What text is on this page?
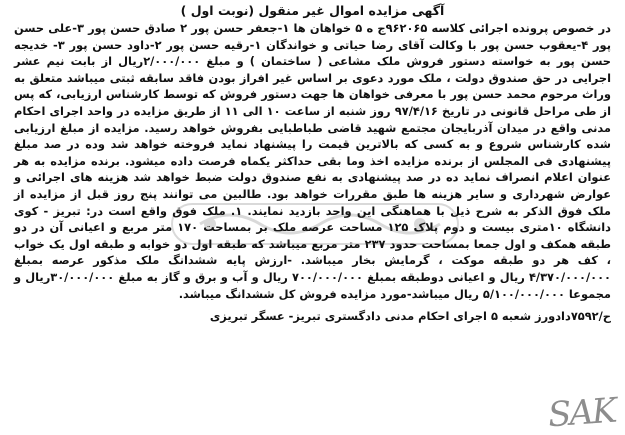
آگهی مزایده اموال غیر منقول (نوبت اول )

در خصوص پرونده اجرائی کلاسه ۹۶۲۰۶۵ج ه ۵ خواهان ها ۱-جعفر حسن پور ۲ صادق حسن پور ۳-علی حسن پور ۴-یعقوب حسن پور با وکالت آقای رضا حیاتی و خواندگان ۱-رقیه حسن پور ۲-داود حسن پور ۳- خدیجه حسن پور به خواسته دستور فروش ملک مشاعی ( ساختمان ) و مبلغ ۲/۰۰۰/۰۰۰ریال از بابت نیم عشر اجرایی در حق صندوق دولت ، ملک مورد دعوی بر اساس غیر افراز بودن فاقد سابقه ثبتی میباشد متعلق به وراث مرحوم محمد حسن پور با معرفی خواهان ها جهت دستور فروش که توسط کارشناس ارزیابی، که پس از طی مراحل قانونی در تاریخ ۹۷/۴/۱۶ روز شنبه از ساعت ۱۰ الی ۱۱ از طریق مزایده در واحد اجرای احکام مدنی واقع در میدان آذربایجان مجتمع شهید قاضی طباطبایی بفروش خواهد رسید. مزایده از مبلغ ارزیابی شده کارشناس شروع و به کسی که بالاترین قیمت را پیشنهاد نماید فروخته خواهد شد وده در صد مبلغ پیشنهادی فی المجلس از برنده مزایده اخذ وما بقی حداکثر یکماه فرصت داده میشود. برنده مزایده به هر عنوان اعلام انصراف نماید ده در صد پیشنهادی به نفع صندوق دولت ضبط خواهد شد هزینه های اجرائی و عوارض شهرداری و سایر هزینه ها طبق مقررات خواهد بود. طالبین می توانند پنج روز قبل از مزایده از ملک فوق الذکر به شرح ذیل با هماهنگی این واحد بازدید نمایند. ۱. ملک فوق واقع است در: تبریز - کوی دانشگاه ۱۰متری بیست و دوم پلاک ۱۲۵ مساحت عرصه ملک بر بمساحت ۱۷۰ متر مربع و اعیانی آن در دو طبقه همکف و اول جمعا بمساحت حدود ۲۳۷ متر مربع میباشد که طبقه اول دو خوابه و طبقه اول یک خواب ، کف هر دو طبقه موکت ، گرمایش بخار میباشد. -ارزش پایه ششدانگ ملک مذکور عرصه بمبلغ ۴/۳۷۰/۰۰۰/۰۰۰ ریال و اعیانی دوطبقه بمبلغ ۷۰۰/۰۰۰/۰۰۰ ریال و آب و برق و گاز به مبلغ ۳۰/۰۰۰/۰۰۰ریال و مجموعا ۵/۱۰۰/۰۰۰/۰۰۰ ریال میباشد-مورد مزایده فروش کل ششدانگ میباشد.

ح/۷۵۹۲دادورز شعبه ۵ اجرای احکام مدنی دادگستری تبریز- عسگر تبریزی
SAK
